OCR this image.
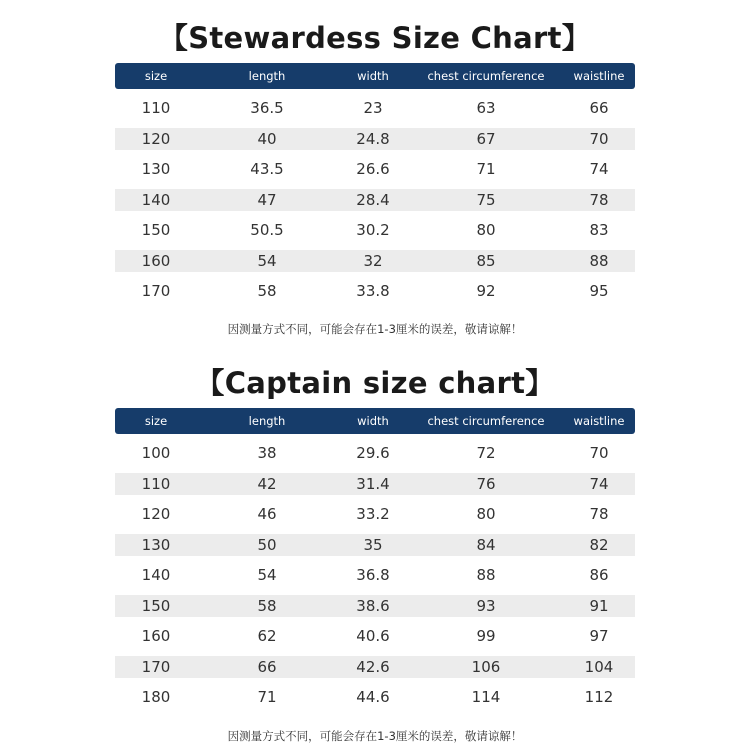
【Stewardess Size Chart】
size	length	width	chest circumference	waistline
110	36.5	23	63	66
120	40	24.8	67	70
130	43.5	26.6	71	74
140	47	28.4	75	78
150	50.5	30.2	80	83
160	54	32	85	88
170	58	33.8	92	95
因测量方式不同，可能会存在1-3厘米的误差，敬请谅解！
【Captain size chart】
size	length	width	chest circumference	waistline
100	38	29.6	72	70
110	42	31.4	76	74
120	46	33.2	80	78
130	50	35	84	82
140	54	36.8	88	86
150	58	38.6	93	91
160	62	40.6	99	97
170	66	42.6	106	104
180	71	44.6	114	112
因测量方式不同，可能会存在1-3厘米的误差，敬请谅解！
